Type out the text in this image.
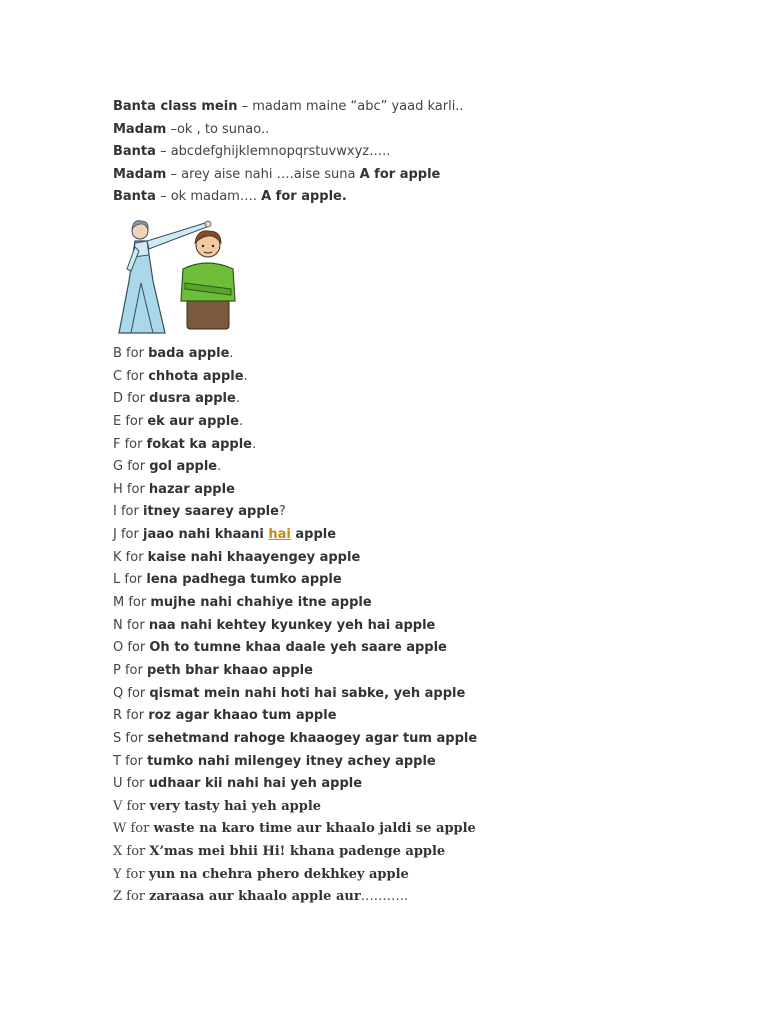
Banta class mein – madam maine “abc” yaad karli..
Madam –ok , to sunao..
Banta – abcdefghijklemnopqrstuvwxyz…..
Madam – arey aise nahi ….aise suna A for apple
Banta – ok madam…. A for apple.
B for bada apple.
C for chhota apple.
D for dusra apple.
E for ek aur apple.
F for fokat ka apple.
G for gol apple.
H for hazar apple
I for itney saarey apple?
J for jaao nahi khaani hai apple
K for kaise nahi khaayengey apple
L for lena padhega tumko apple
M for mujhe nahi chahiye itne apple
N for naa nahi kehtey kyunkey yeh hai apple
O for Oh to tumne khaa daale yeh saare apple
P for peth bhar khaao apple
Q for qismat mein nahi hoti hai sabke, yeh apple
R for roz agar khaao tum apple
S for sehetmand rahoge khaaogey agar tum apple
T for tumko nahi milengey itney achey apple
U for udhaar kii nahi hai yeh apple
V for very tasty hai yeh apple
W for waste na karo time aur khaalo jaldi se apple
X for X’mas mei bhii Hi! khana padenge apple
Y for yun na chehra phero dekhkey apple
Z for zaraasa aur khaalo apple aur………..
